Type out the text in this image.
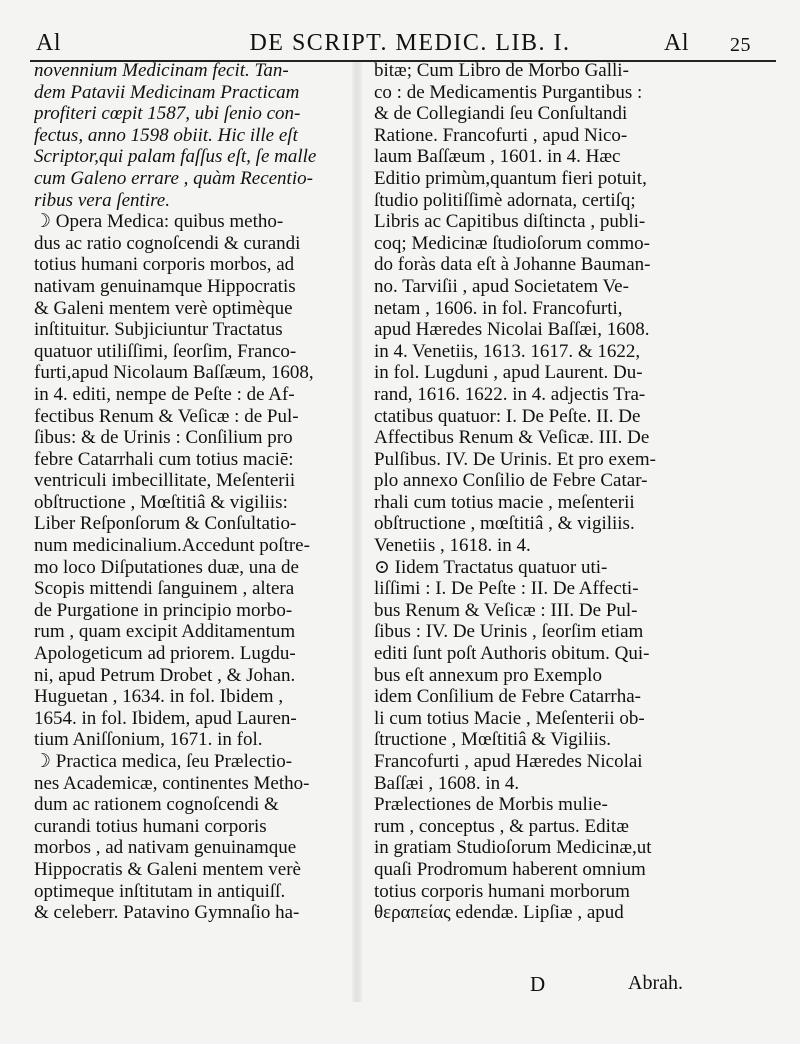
Al	DE SCRIPT. MEDIC. LIB. I.	Al 25
novennium Medicinam fecit. Tan-
dem Patavii Medicinam Practicam
profiteri cœpit 1587, ubi ſenio con-
fectus, anno 1598 obiit. Hic ille eſt
Scriptor,qui palam faſſus eſt, ſe malle
cum Galeno errare , quàm Recentio-
ribus vera ſentire.
☽ Opera Medica: quibus metho-
dus ac ratio cognoſcendi & curandi
totius humani corporis morbos, ad
nativam genuinamque Hippocratis
& Galeni mentem verè optimèque
inſtituitur. Subjiciuntur Tractatus
quatuor utiliſſimi, ſeorſim, Franco-
furti,apud Nicolaum Baſſæum, 1608,
in 4. editi, nempe de Peſte : de Af-
fectibus Renum & Veſicæ : de Pul-
ſibus: & de Urinis : Conſilium pro
febre Catarrhali cum totius maciē:
ventriculi imbecillitate, Meſenterii
obſtructione , Mœſtitiâ & vigiliis:
Liber Reſponſorum & Conſultatio-
num medicinalium.Accedunt poſtre-
mo loco Diſputationes duæ, una de
Scopis mittendi ſanguinem , altera
de Purgatione in principio morbo-
rum , quam excipit Additamentum
Apologeticum ad priorem. Lugdu-
ni, apud Petrum Drobet , & Johan.
Huguetan , 1634. in fol. Ibidem ,
1654. in fol. Ibidem, apud Lauren-
tium Aniſſonium, 1671. in fol.
☽ Practica medica, ſeu Prælectio-
nes Academicæ, continentes Metho-
dum ac rationem cognoſcendi &
curandi totius humani corporis
morbos , ad nativam genuinamque
Hippocratis & Galeni mentem verè
optimeque inſtitutam in antiquiſſ.
& celeberr. Patavino Gymnaſio ha-
bitæ; Cum Libro de Morbo Galli-
co : de Medicamentis Purgantibus :
& de Collegiandi ſeu Conſultandi
Ratione. Francofurti , apud Nico-
laum Baſſæum , 1601. in 4. Hæc
Editio primùm,quantum fieri potuit,
ſtudio politiſſimè adornata, certiſq;
Libris ac Capitibus diſtincta , publi-
coq; Medicinæ ſtudioſorum commo-
do foràs data eſt à Johanne Bauman-
no. Tarviſii , apud Societatem Ve-
netam , 1606. in fol. Francofurti,
apud Hæredes Nicolai Baſſæi, 1608.
in 4. Venetiis, 1613. 1617. & 1622,
in fol. Lugduni , apud Laurent. Du-
rand, 1616. 1622. in 4. adjectis Tra-
ctatibus quatuor: I. De Peſte. II. De
Affectibus Renum & Veſicæ. III. De
Pulſibus. IV. De Urinis. Et pro exem-
plo annexo Conſilio de Febre Catar-
rhali cum totius macie , meſenterii
obſtructione , mœſtitiâ , & vigiliis.
Venetiis , 1618. in 4.
⊙ Iidem Tractatus quatuor uti-
liſſimi : I. De Peſte : II. De Affecti-
bus Renum & Veſicæ : III. De Pul-
ſibus : IV. De Urinis , ſeorſim etiam
editi ſunt poſt Authoris obitum. Qui-
bus eſt annexum pro Exemplo
idem Conſilium de Febre Catarrha-
li cum totius Macie , Meſenterii ob-
ſtructione , Mœſtitiâ & Vigiliis.
Francofurti , apud Hæredes Nicolai
Baſſæi , 1608. in 4.
Prælectiones de Morbis mulie-
rum , conceptus , & partus. Editæ
in gratiam Studioſorum Medicinæ,ut
quaſi Prodromum haberent omnium
totius corporis humani morborum
θεραπείας edendæ. Lipſiæ , apud
D	Abrah.
